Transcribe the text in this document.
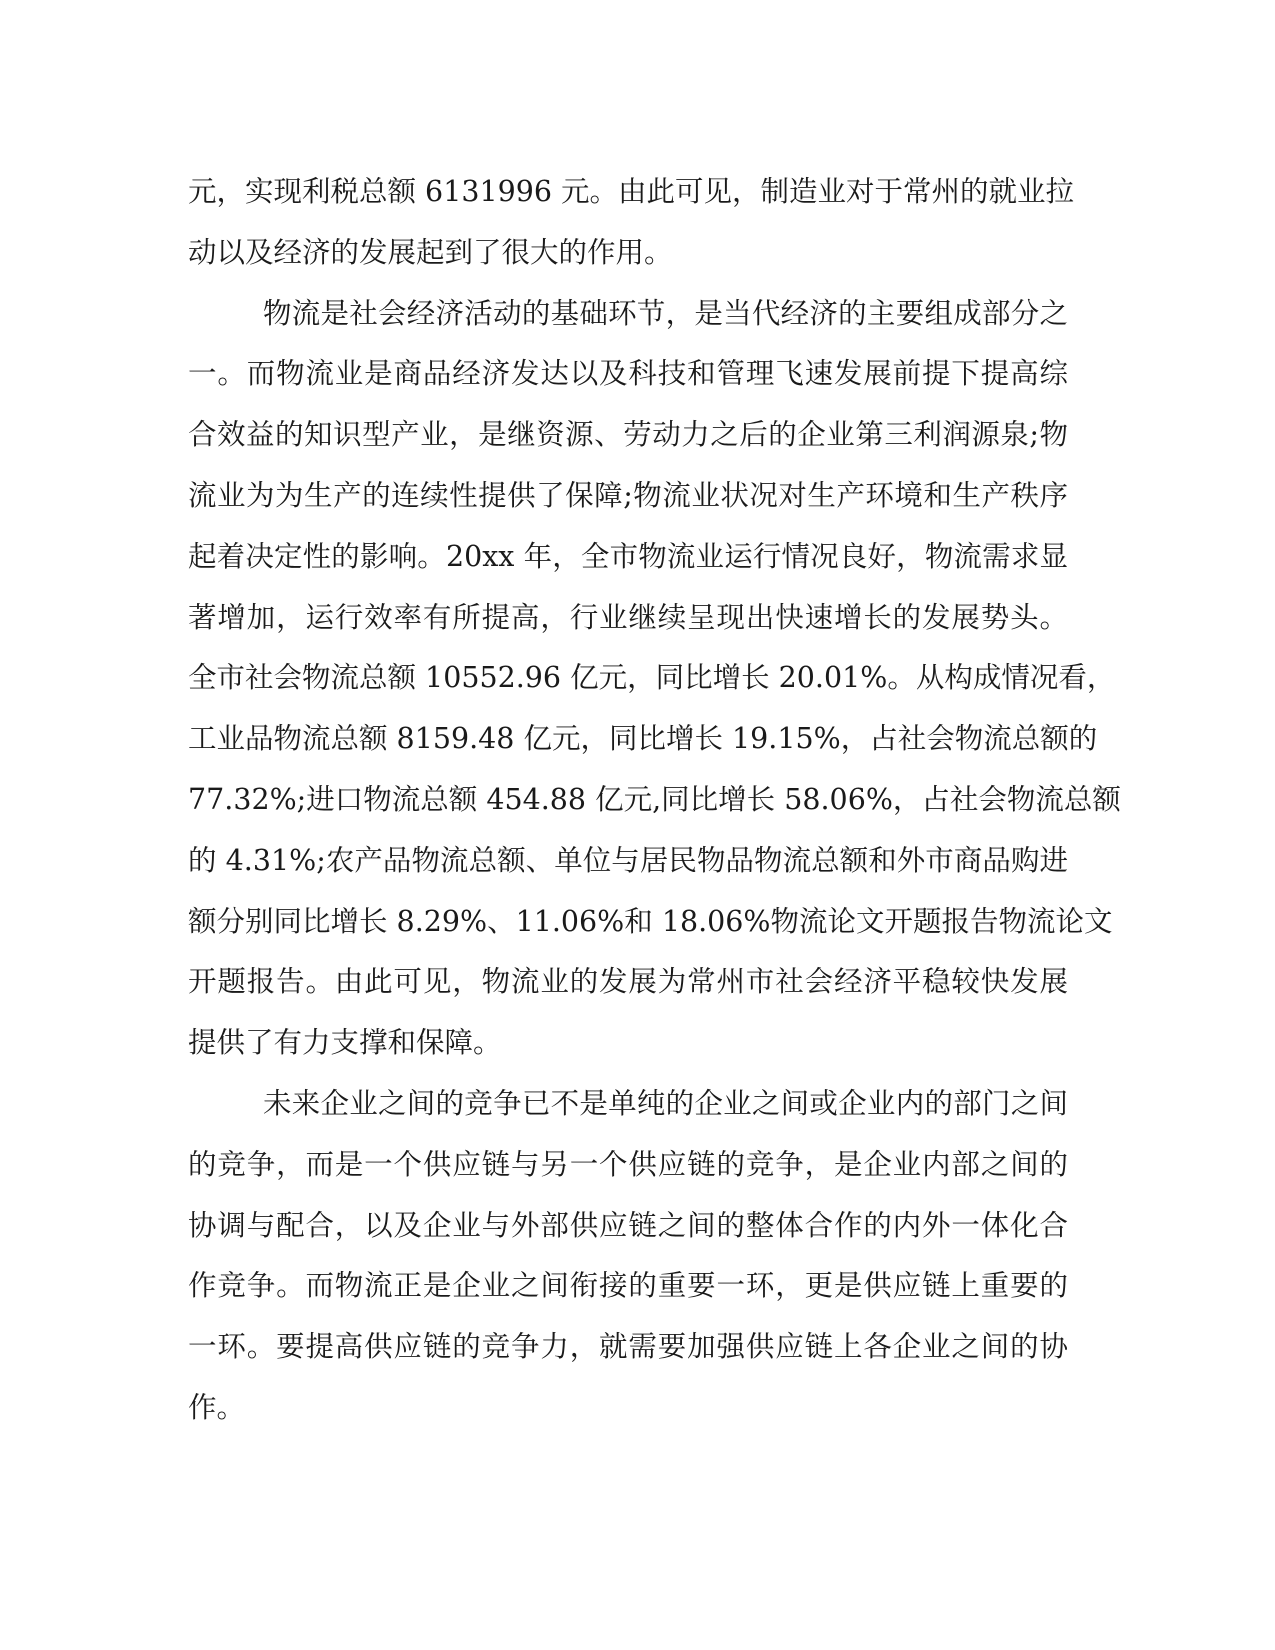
元，实现利税总额 6131996 元。由此可见，制造业对于常州的就业拉
动以及经济的发展起到了很大的作用。

物流是社会经济活动的基础环节，是当代经济的主要组成部分之
一。而物流业是商品经济发达以及科技和管理飞速发展前提下提高综
合效益的知识型产业，是继资源、劳动力之后的企业第三利润源泉;物
流业为为生产的连续性提供了保障;物流业状况对生产环境和生产秩序
起着决定性的影响。20xx 年，全市物流业运行情况良好，物流需求显
著增加，运行效率有所提高，行业继续呈现出快速增长的发展势头。
全市社会物流总额 10552.96 亿元，同比增长 20.01%。从构成情况看，
工业品物流总额 8159.48 亿元，同比增长 19.15%，占社会物流总额的
77.32%;进口物流总额 454.88 亿元,同比增长 58.06%，占社会物流总额
的 4.31%;农产品物流总额、单位与居民物品物流总额和外市商品购进
额分别同比增长 8.29%、11.06%和 18.06%物流论文开题报告物流论文
开题报告。由此可见，物流业的发展为常州市社会经济平稳较快发展
提供了有力支撑和保障。

未来企业之间的竞争已不是单纯的企业之间或企业内的部门之间
的竞争，而是一个供应链与另一个供应链的竞争，是企业内部之间的
协调与配合，以及企业与外部供应链之间的整体合作的内外一体化合
作竞争。而物流正是企业之间衔接的重要一环，更是供应链上重要的
一环。要提高供应链的竞争力，就需要加强供应链上各企业之间的协
作。
